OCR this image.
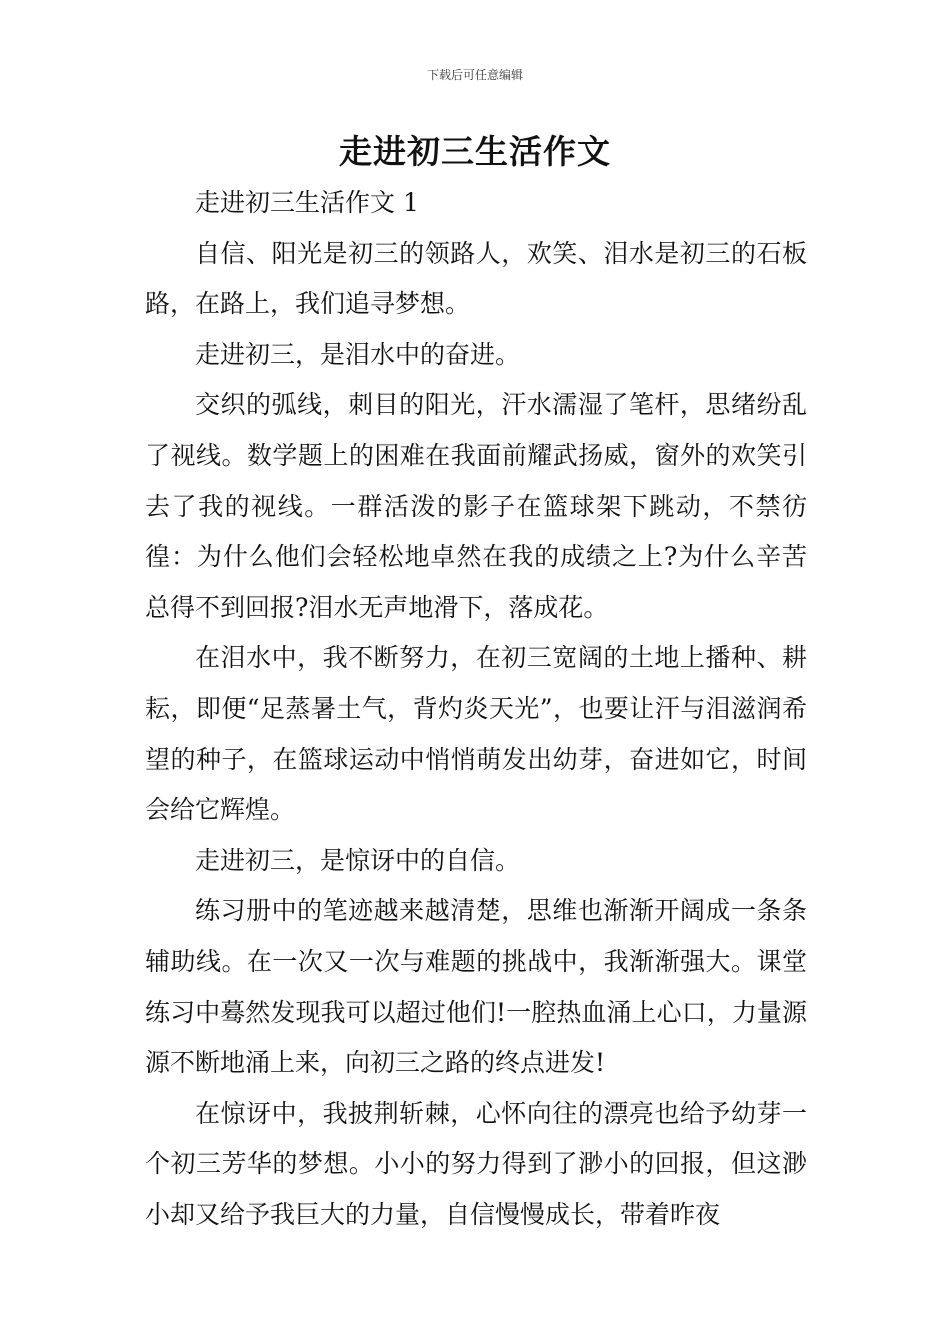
下载后可任意编辑
走进初三生活作文

走进初三生活作文 1

自信、阳光是初三的领路人，欢笑、泪水是初三的石板路，在路上，我们追寻梦想。

走进初三，是泪水中的奋进。

交织的弧线，刺目的阳光，汗水濡湿了笔杆，思绪纷乱了视线。数学题上的困难在我面前耀武扬威，窗外的欢笑引去了我的视线。一群活泼的影子在篮球架下跳动，不禁彷徨：为什么他们会轻松地卓然在我的成绩之上?为什么辛苦总得不到回报?泪水无声地滑下，落成花。

在泪水中，我不断努力，在初三宽阔的土地上播种、耕耘，即便“足蒸暑土气，背灼炎天光”，也要让汗与泪滋润希望的种子，在篮球运动中悄悄萌发出幼芽，奋进如它，时间会给它辉煌。

走进初三，是惊讶中的自信。

练习册中的笔迹越来越清楚，思维也渐渐开阔成一条条辅助线。在一次又一次与难题的挑战中，我渐渐强大。课堂练习中蓦然发现我可以超过他们!一腔热血涌上心口，力量源源不断地涌上来，向初三之路的终点进发!

在惊讶中，我披荆斩棘，心怀向往的漂亮也给予幼芽一个初三芳华的梦想。小小的努力得到了渺小的回报，但这渺小却又给予我巨大的力量，自信慢慢成长，带着昨夜
